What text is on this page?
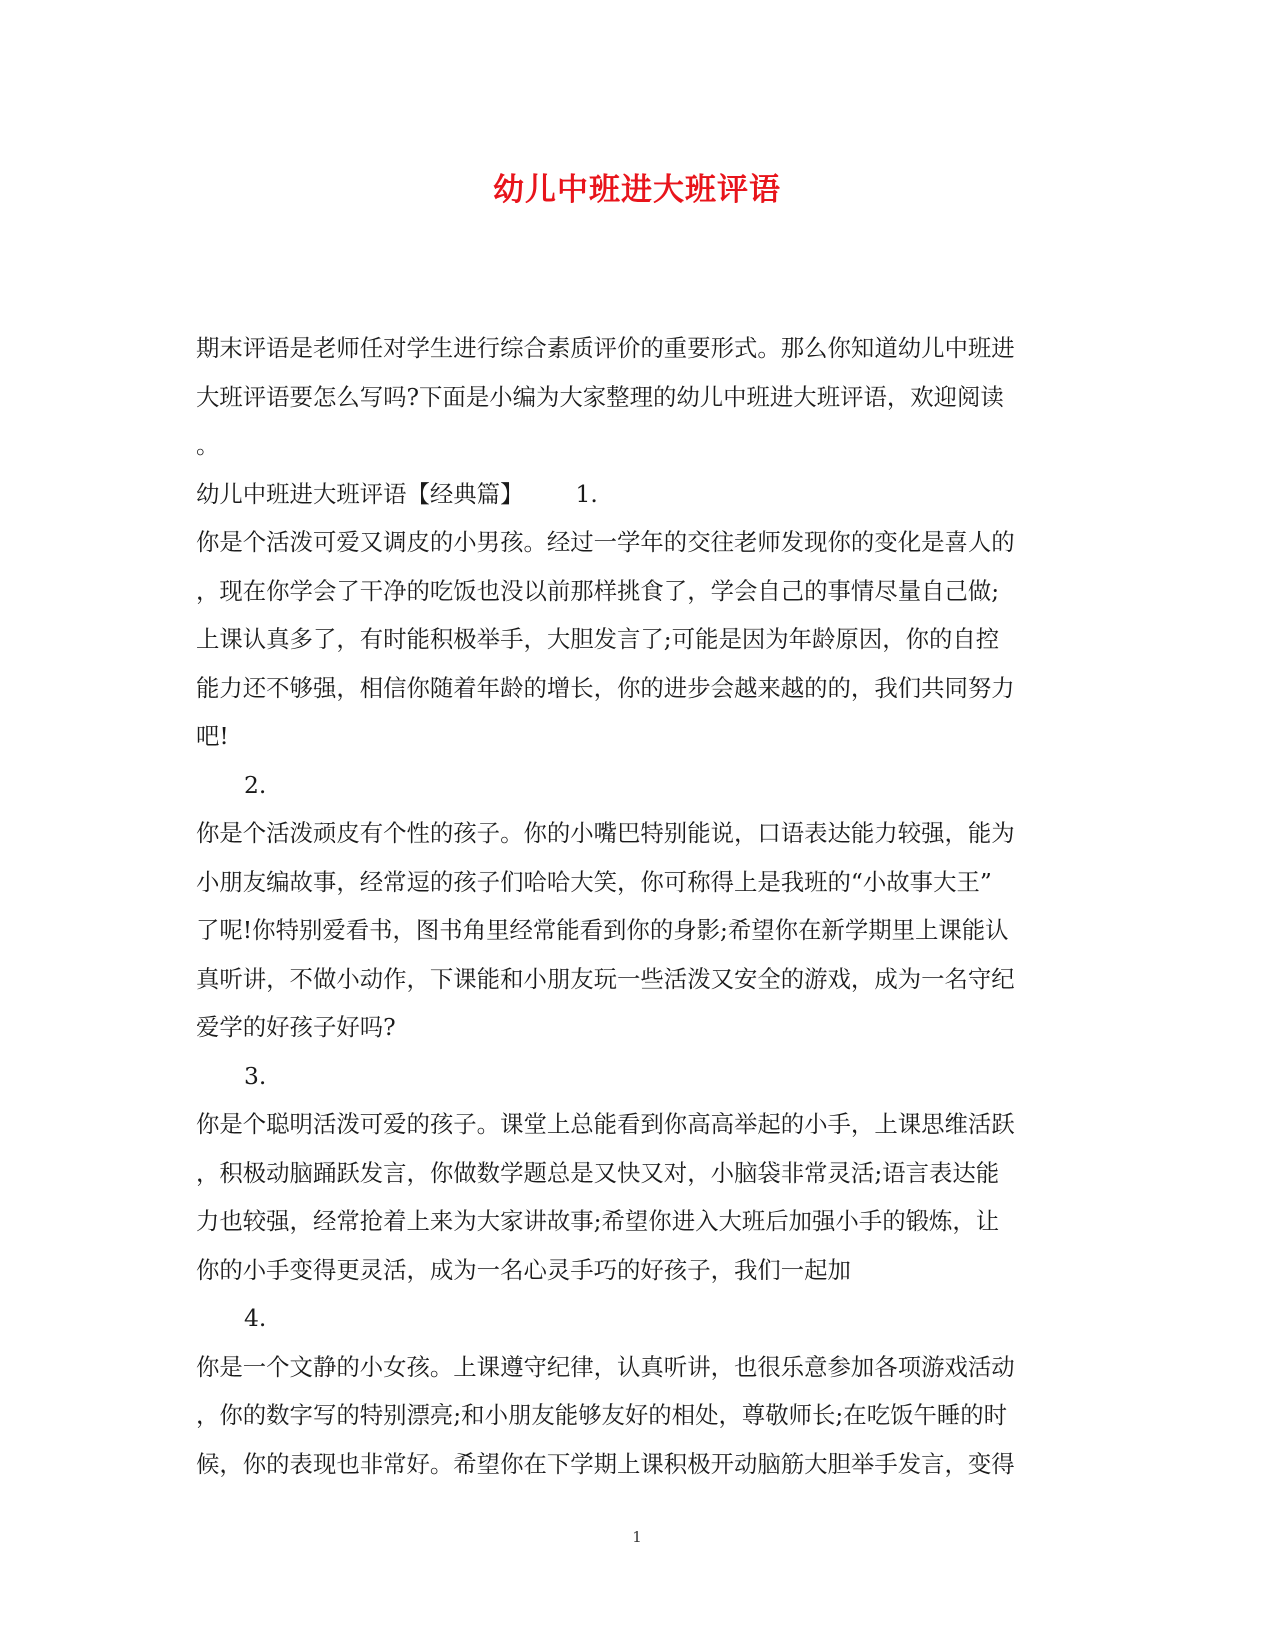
幼儿中班进大班评语
期末评语是老师任对学生进行综合素质评价的重要形式。那么你知道幼儿中班进
大班评语要怎么写吗?下面是小编为大家整理的幼儿中班进大班评语，欢迎阅读
。
幼儿中班进大班评语【经典篇】 1.
你是个活泼可爱又调皮的小男孩。经过一学年的交往老师发现你的变化是喜人的
，现在你学会了干净的吃饭也没以前那样挑食了，学会自己的事情尽量自己做;
上课认真多了，有时能积极举手，大胆发言了;可能是因为年龄原因，你的自控
能力还不够强，相信你随着年龄的增长，你的进步会越来越的的，我们共同努力
吧!
2.
你是个活泼顽皮有个性的孩子。你的小嘴巴特别能说，口语表达能力较强，能为
小朋友编故事，经常逗的孩子们哈哈大笑，你可称得上是我班的“小故事大王”
了呢!你特别爱看书，图书角里经常能看到你的身影;希望你在新学期里上课能认
真听讲，不做小动作，下课能和小朋友玩一些活泼又安全的游戏，成为一名守纪
爱学的好孩子好吗?
3.
你是个聪明活泼可爱的孩子。课堂上总能看到你高高举起的小手，上课思维活跃
，积极动脑踊跃发言，你做数学题总是又快又对，小脑袋非常灵活;语言表达能
力也较强，经常抢着上来为大家讲故事;希望你进入大班后加强小手的锻炼，让
你的小手变得更灵活，成为一名心灵手巧的好孩子，我们一起加
4.
你是一个文静的小女孩。上课遵守纪律，认真听讲，也很乐意参加各项游戏活动
，你的数字写的特别漂亮;和小朋友能够友好的相处，尊敬师长;在吃饭午睡的时
候，你的表现也非常好。希望你在下学期上课积极开动脑筋大胆举手发言，变得
1
